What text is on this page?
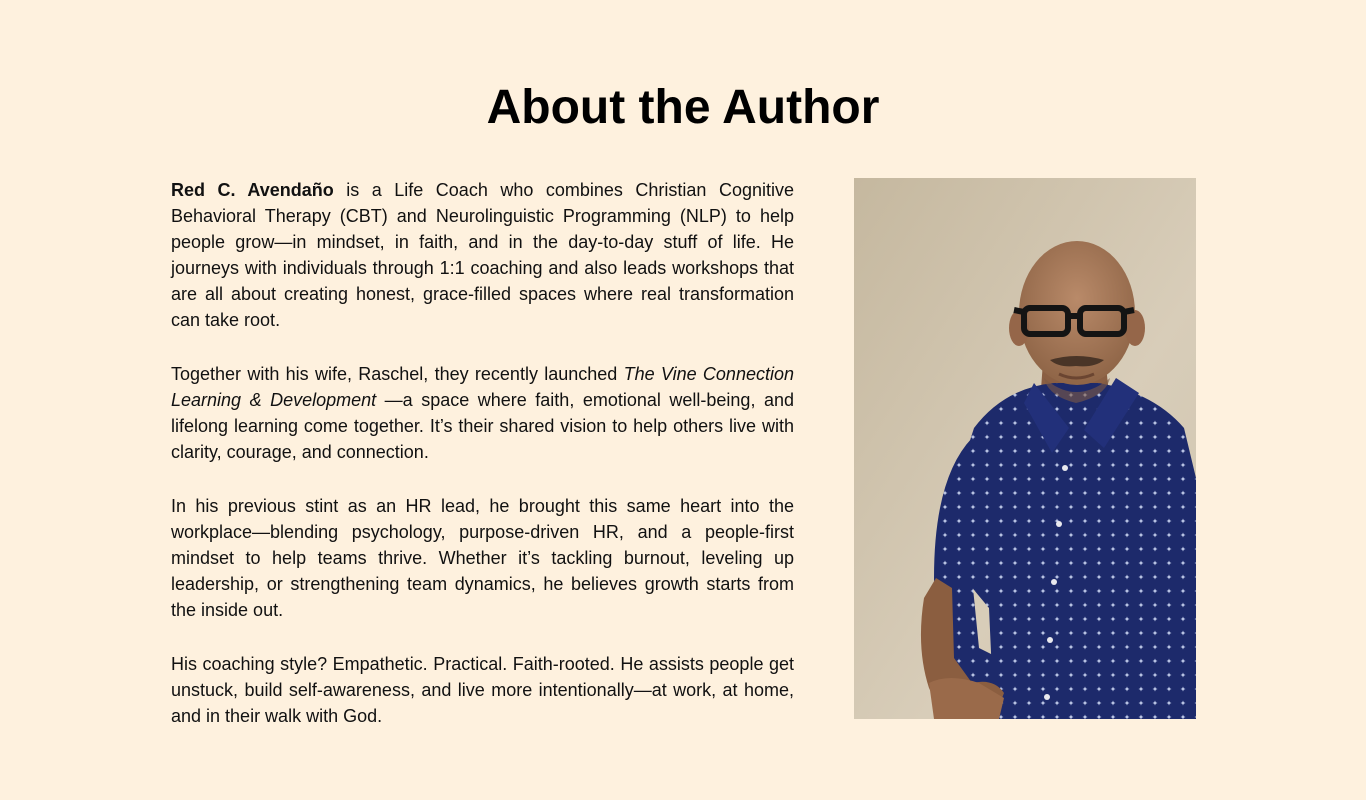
About the Author

Red C. Avendaño is a Life Coach who combines Christian Cognitive Behavioral Therapy (CBT) and Neurolinguistic Programming (NLP) to help people grow—in mindset, in faith, and in the day-to-day stuff of life. He journeys with individuals through 1:1 coaching and also leads workshops that are all about creating honest, grace-filled spaces where real transformation can take root.

Together with his wife, Raschel, they recently launched The Vine Connection Learning & Development —a space where faith, emotional well-being, and lifelong learning come together. It’s their shared vision to help others live with clarity, courage, and connection.

In his previous stint as an HR lead, he brought this same heart into the workplace—blending psychology, purpose-driven HR, and a people-first mindset to help teams thrive. Whether it’s tackling burnout, leveling up leadership, or strengthening team dynamics, he believes growth starts from the inside out.

His coaching style? Empathetic. Practical. Faith-rooted. He assists people get unstuck, build self-awareness, and live more intentionally—at work, at home, and in their walk with God.
